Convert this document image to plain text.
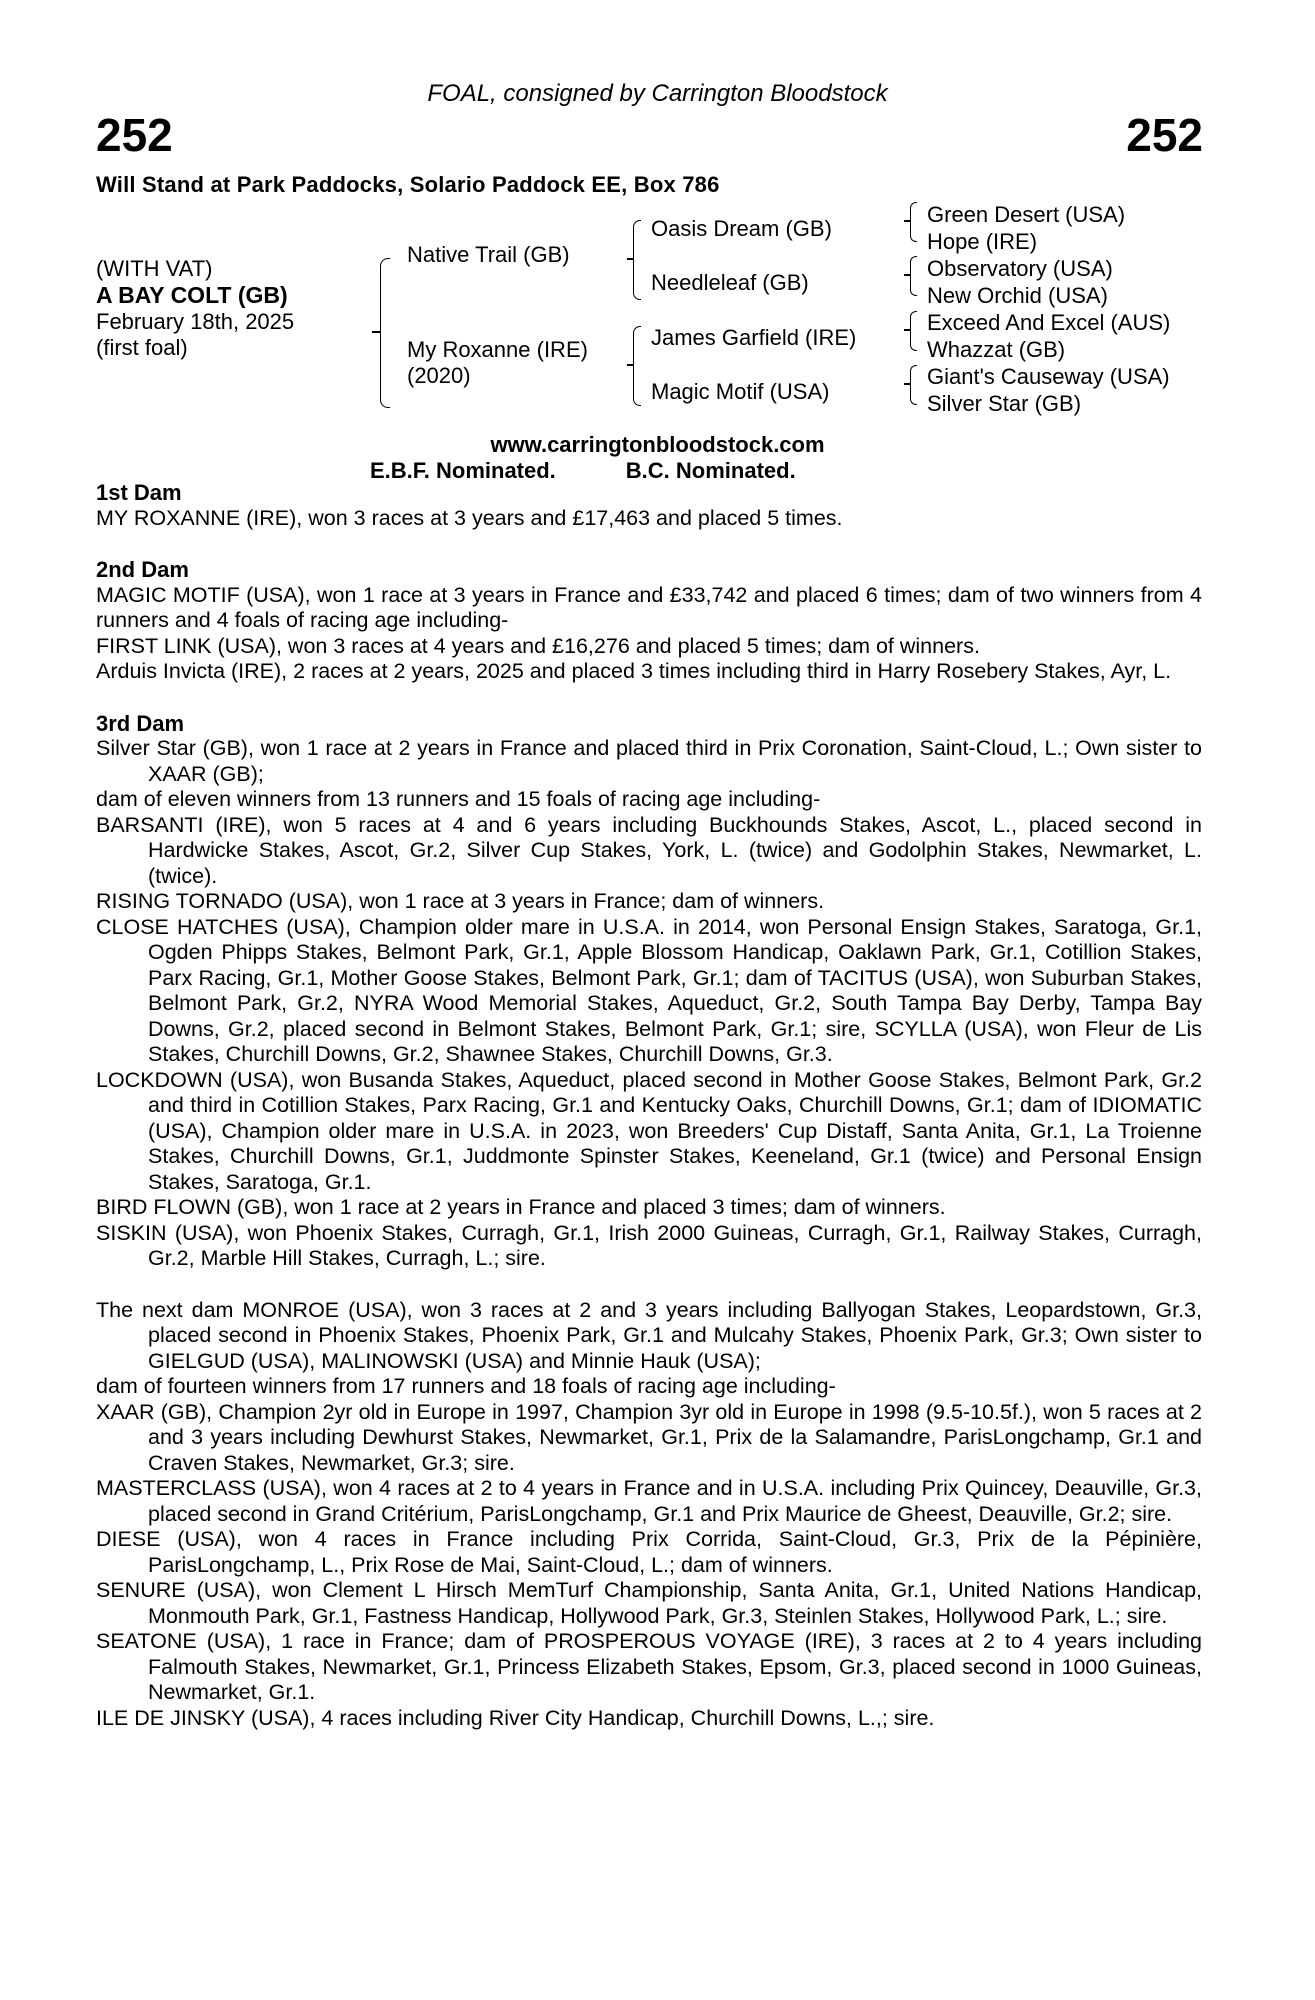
FOAL, consigned by Carrington Bloodstock
252	252
Will Stand at Park Paddocks, Solario Paddock EE, Box 786
(WITH VAT)
A BAY COLT (GB)
February 18th, 2025
(first foal)
Native Trail (GB)
My Roxanne (IRE)
(2020)
Oasis Dream (GB)
Needleleaf (GB)
James Garfield (IRE)
Magic Motif (USA)
Green Desert (USA)
Hope (IRE)
Observatory (USA)
New Orchid (USA)
Exceed And Excel (AUS)
Whazzat (GB)
Giant's Causeway (USA)
Silver Star (GB)
www.carringtonbloodstock.com
E.B.F. Nominated.	B.C. Nominated.

1st Dam

MY ROXANNE (IRE), won 3 races at 3 years and £17,463 and placed 5 times.

2nd Dam

MAGIC MOTIF (USA), won 1 race at 3 years in France and £33,742 and placed 6 times; dam of two winners from 4 runners and 4 foals of racing age including-

FIRST LINK (USA), won 3 races at 4 years and £16,276 and placed 5 times; dam of winners.

Arduis Invicta (IRE), 2 races at 2 years, 2025 and placed 3 times including third in Harry Rosebery Stakes, Ayr, L.

3rd Dam

Silver Star (GB), won 1 race at 2 years in France and placed third in Prix Coronation, Saint-Cloud, L.; Own sister to XAAR (GB);

dam of eleven winners from 13 runners and 15 foals of racing age including-

BARSANTI (IRE), won 5 races at 4 and 6 years including Buckhounds Stakes, Ascot, L., placed second in Hardwicke Stakes, Ascot, Gr.2, Silver Cup Stakes, York, L. (twice) and Godolphin Stakes, Newmarket, L. (twice).

RISING TORNADO (USA), won 1 race at 3 years in France; dam of winners.

CLOSE HATCHES (USA), Champion older mare in U.S.A. in 2014, won Personal Ensign Stakes, Saratoga, Gr.1, Ogden Phipps Stakes, Belmont Park, Gr.1, Apple Blossom Handicap, Oaklawn Park, Gr.1, Cotillion Stakes, Parx Racing, Gr.1, Mother Goose Stakes, Belmont Park, Gr.1; dam of TACITUS (USA), won Suburban Stakes, Belmont Park, Gr.2, NYRA Wood Memorial Stakes, Aqueduct, Gr.2, South Tampa Bay Derby, Tampa Bay Downs, Gr.2, placed second in Belmont Stakes, Belmont Park, Gr.1; sire, SCYLLA (USA), won Fleur de Lis Stakes, Churchill Downs, Gr.2, Shawnee Stakes, Churchill Downs, Gr.3.

LOCKDOWN (USA), won Busanda Stakes, Aqueduct, placed second in Mother Goose Stakes, Belmont Park, Gr.2 and third in Cotillion Stakes, Parx Racing, Gr.1 and Kentucky Oaks, Churchill Downs, Gr.1; dam of IDIOMATIC (USA), Champion older mare in U.S.A. in 2023, won Breeders' Cup Distaff, Santa Anita, Gr.1, La Troienne Stakes, Churchill Downs, Gr.1, Juddmonte Spinster Stakes, Keeneland, Gr.1 (twice) and Personal Ensign Stakes, Saratoga, Gr.1.

BIRD FLOWN (GB), won 1 race at 2 years in France and placed 3 times; dam of winners.

SISKIN (USA), won Phoenix Stakes, Curragh, Gr.1, Irish 2000 Guineas, Curragh, Gr.1, Railway Stakes, Curragh, Gr.2, Marble Hill Stakes, Curragh, L.; sire.

The next dam MONROE (USA), won 3 races at 2 and 3 years including Ballyogan Stakes, Leopardstown, Gr.3, placed second in Phoenix Stakes, Phoenix Park, Gr.1 and Mulcahy Stakes, Phoenix Park, Gr.3; Own sister to GIELGUD (USA), MALINOWSKI (USA) and Minnie Hauk (USA);

dam of fourteen winners from 17 runners and 18 foals of racing age including-

XAAR (GB), Champion 2yr old in Europe in 1997, Champion 3yr old in Europe in 1998 (9.5-10.5f.), won 5 races at 2 and 3 years including Dewhurst Stakes, Newmarket, Gr.1, Prix de la Salamandre, ParisLongchamp, Gr.1 and Craven Stakes, Newmarket, Gr.3; sire.

MASTERCLASS (USA), won 4 races at 2 to 4 years in France and in U.S.A. including Prix Quincey, Deauville, Gr.3, placed second in Grand Critérium, ParisLongchamp, Gr.1 and Prix Maurice de Gheest, Deauville, Gr.2; sire.

DIESE (USA), won 4 races in France including Prix Corrida, Saint-Cloud, Gr.3, Prix de la Pépinière, ParisLongchamp, L., Prix Rose de Mai, Saint-Cloud, L.; dam of winners.

SENURE (USA), won Clement L Hirsch MemTurf Championship, Santa Anita, Gr.1, United Nations Handicap, Monmouth Park, Gr.1, Fastness Handicap, Hollywood Park, Gr.3, Steinlen Stakes, Hollywood Park, L.; sire.

SEATONE (USA), 1 race in France; dam of PROSPEROUS VOYAGE (IRE), 3 races at 2 to 4 years including Falmouth Stakes, Newmarket, Gr.1, Princess Elizabeth Stakes, Epsom, Gr.3, placed second in 1000 Guineas, Newmarket, Gr.1.

ILE DE JINSKY (USA), 4 races including River City Handicap, Churchill Downs, L.,; sire.
